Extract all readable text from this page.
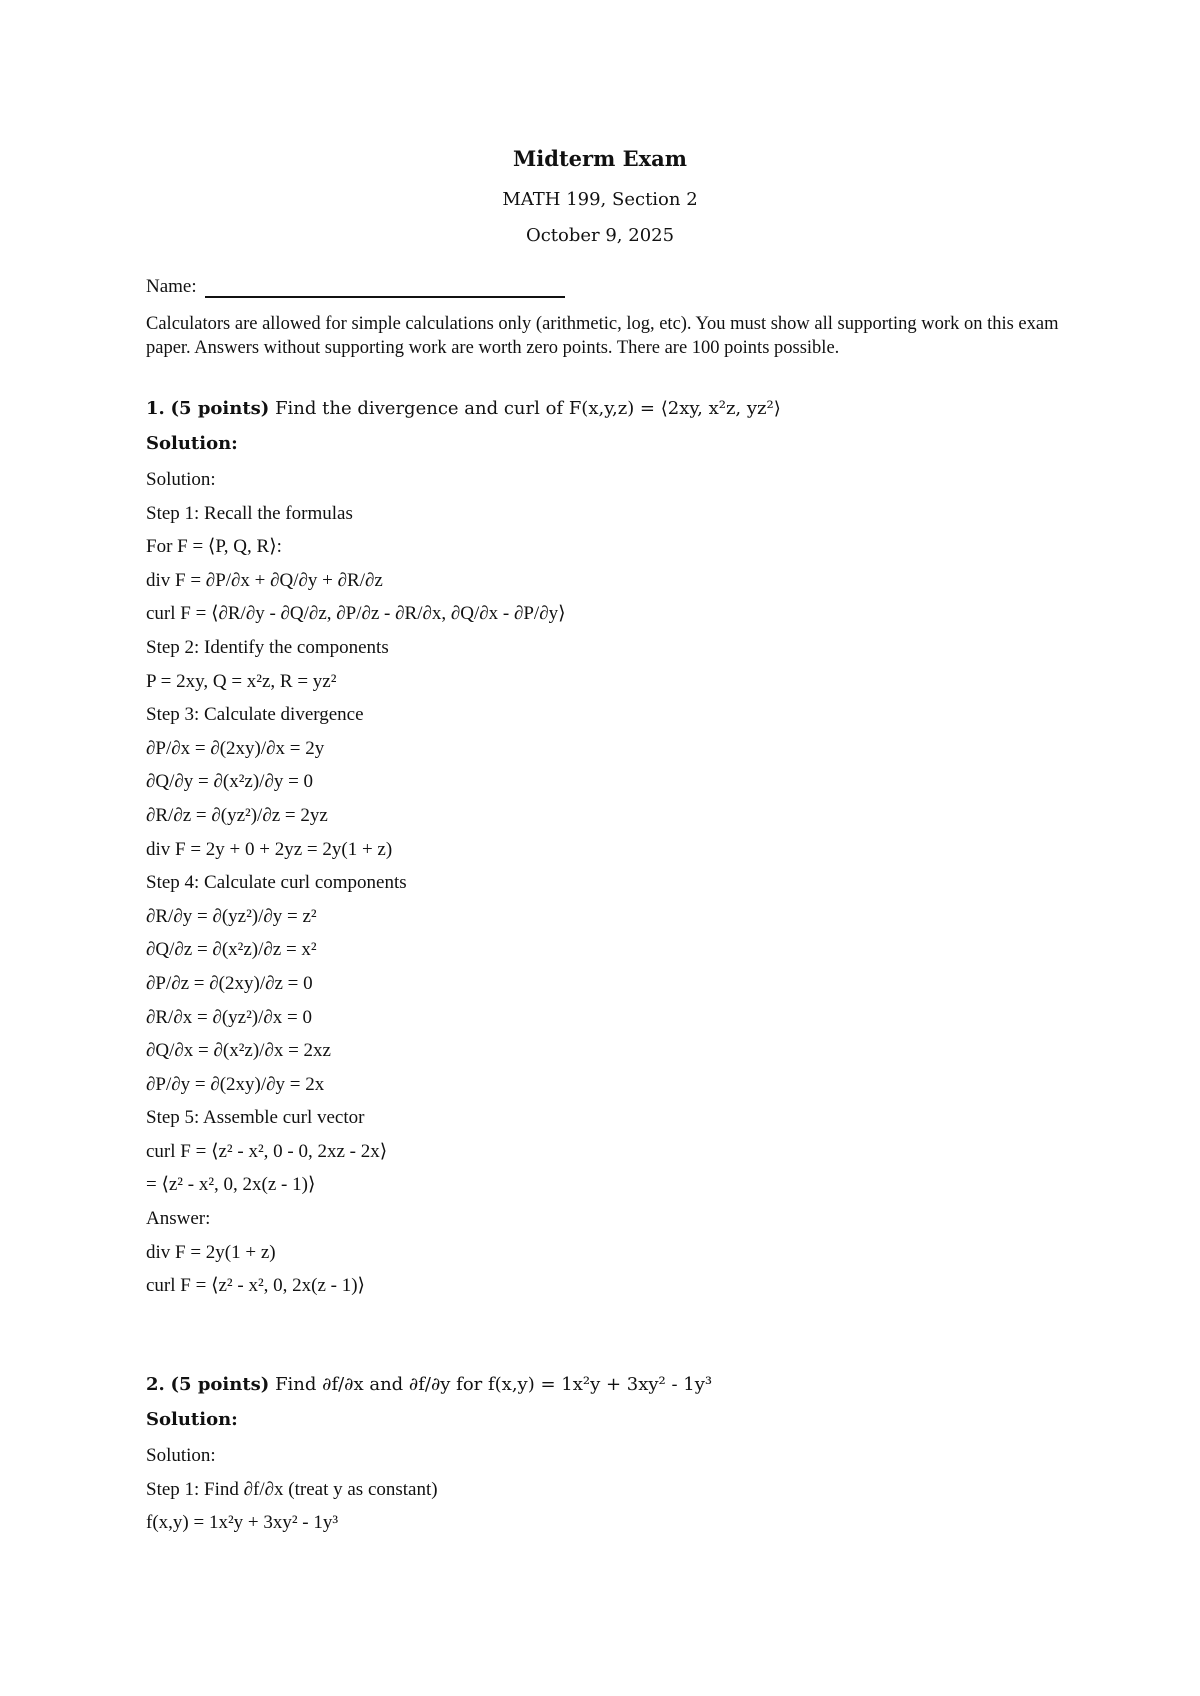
Midterm Exam
MATH 199, Section 2
October 9, 2025
Name:
Calculators are allowed for simple calculations only (arithmetic, log, etc). You must show all supporting work on this exam paper. Answers without supporting work are worth zero points. There are 100 points possible.
1. (5 points) Find the divergence and curl of F(x,y,z) = ⟨2xy, x²z, yz²⟩
Solution:
Solution:
Step 1: Recall the formulas
For F = ⟨P, Q, R⟩:
div F = ∂P/∂x + ∂Q/∂y + ∂R/∂z
curl F = ⟨∂R/∂y - ∂Q/∂z, ∂P/∂z - ∂R/∂x, ∂Q/∂x - ∂P/∂y⟩
Step 2: Identify the components
P = 2xy, Q = x²z, R = yz²
Step 3: Calculate divergence
∂P/∂x = ∂(2xy)/∂x = 2y
∂Q/∂y = ∂(x²z)/∂y = 0
∂R/∂z = ∂(yz²)/∂z = 2yz
div F = 2y + 0 + 2yz = 2y(1 + z)
Step 4: Calculate curl components
∂R/∂y = ∂(yz²)/∂y = z²
∂Q/∂z = ∂(x²z)/∂z = x²
∂P/∂z = ∂(2xy)/∂z = 0
∂R/∂x = ∂(yz²)/∂x = 0
∂Q/∂x = ∂(x²z)/∂x = 2xz
∂P/∂y = ∂(2xy)/∂y = 2x
Step 5: Assemble curl vector
curl F = ⟨z² - x², 0 - 0, 2xz - 2x⟩
= ⟨z² - x², 0, 2x(z - 1)⟩
Answer:
div F = 2y(1 + z)
curl F = ⟨z² - x², 0, 2x(z - 1)⟩
2. (5 points) Find ∂f/∂x and ∂f/∂y for f(x,y) = 1x²y + 3xy² - 1y³
Solution:
Solution:
Step 1: Find ∂f/∂x (treat y as constant)
f(x,y) = 1x²y + 3xy² - 1y³
